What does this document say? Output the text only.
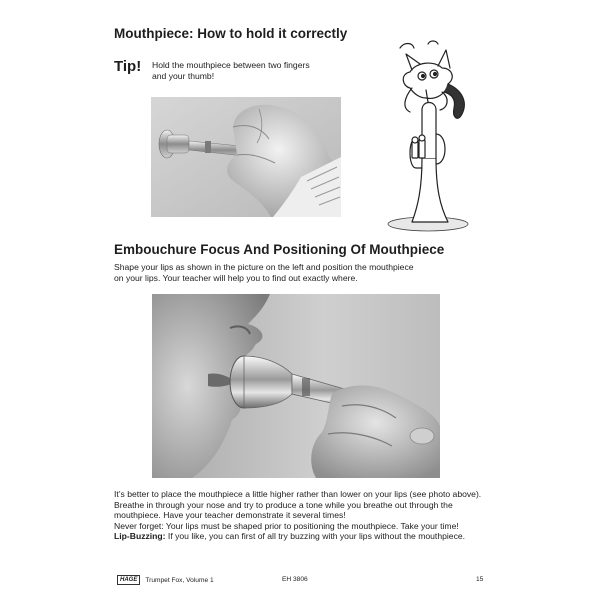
Mouthpiece: How to hold it correctly
Tip! Hold the mouthpiece between two fingers
and your thumb!
Embouchure Focus And Positioning Of Mouthpiece
Shape your lips as shown in the picture on the left and position the mouthpiece
on your lips. Your teacher will help you to find out exactly where.
It’s better to place the mouthpiece a little higher rather than lower on your lips (see photo above).
Breathe in through your nose and try to produce a tone while you breathe out through the
mouthpiece. Have your teacher demonstrate it several times!
Never forget: Your lips must be shaped prior to positioning the mouthpiece. Take your time!
Lip-Buzzing: If you like, you can first of all try buzzing with your lips without the mouthpiece.
HAGE	Trumpet Fox, Volume 1	EH 3806	15
